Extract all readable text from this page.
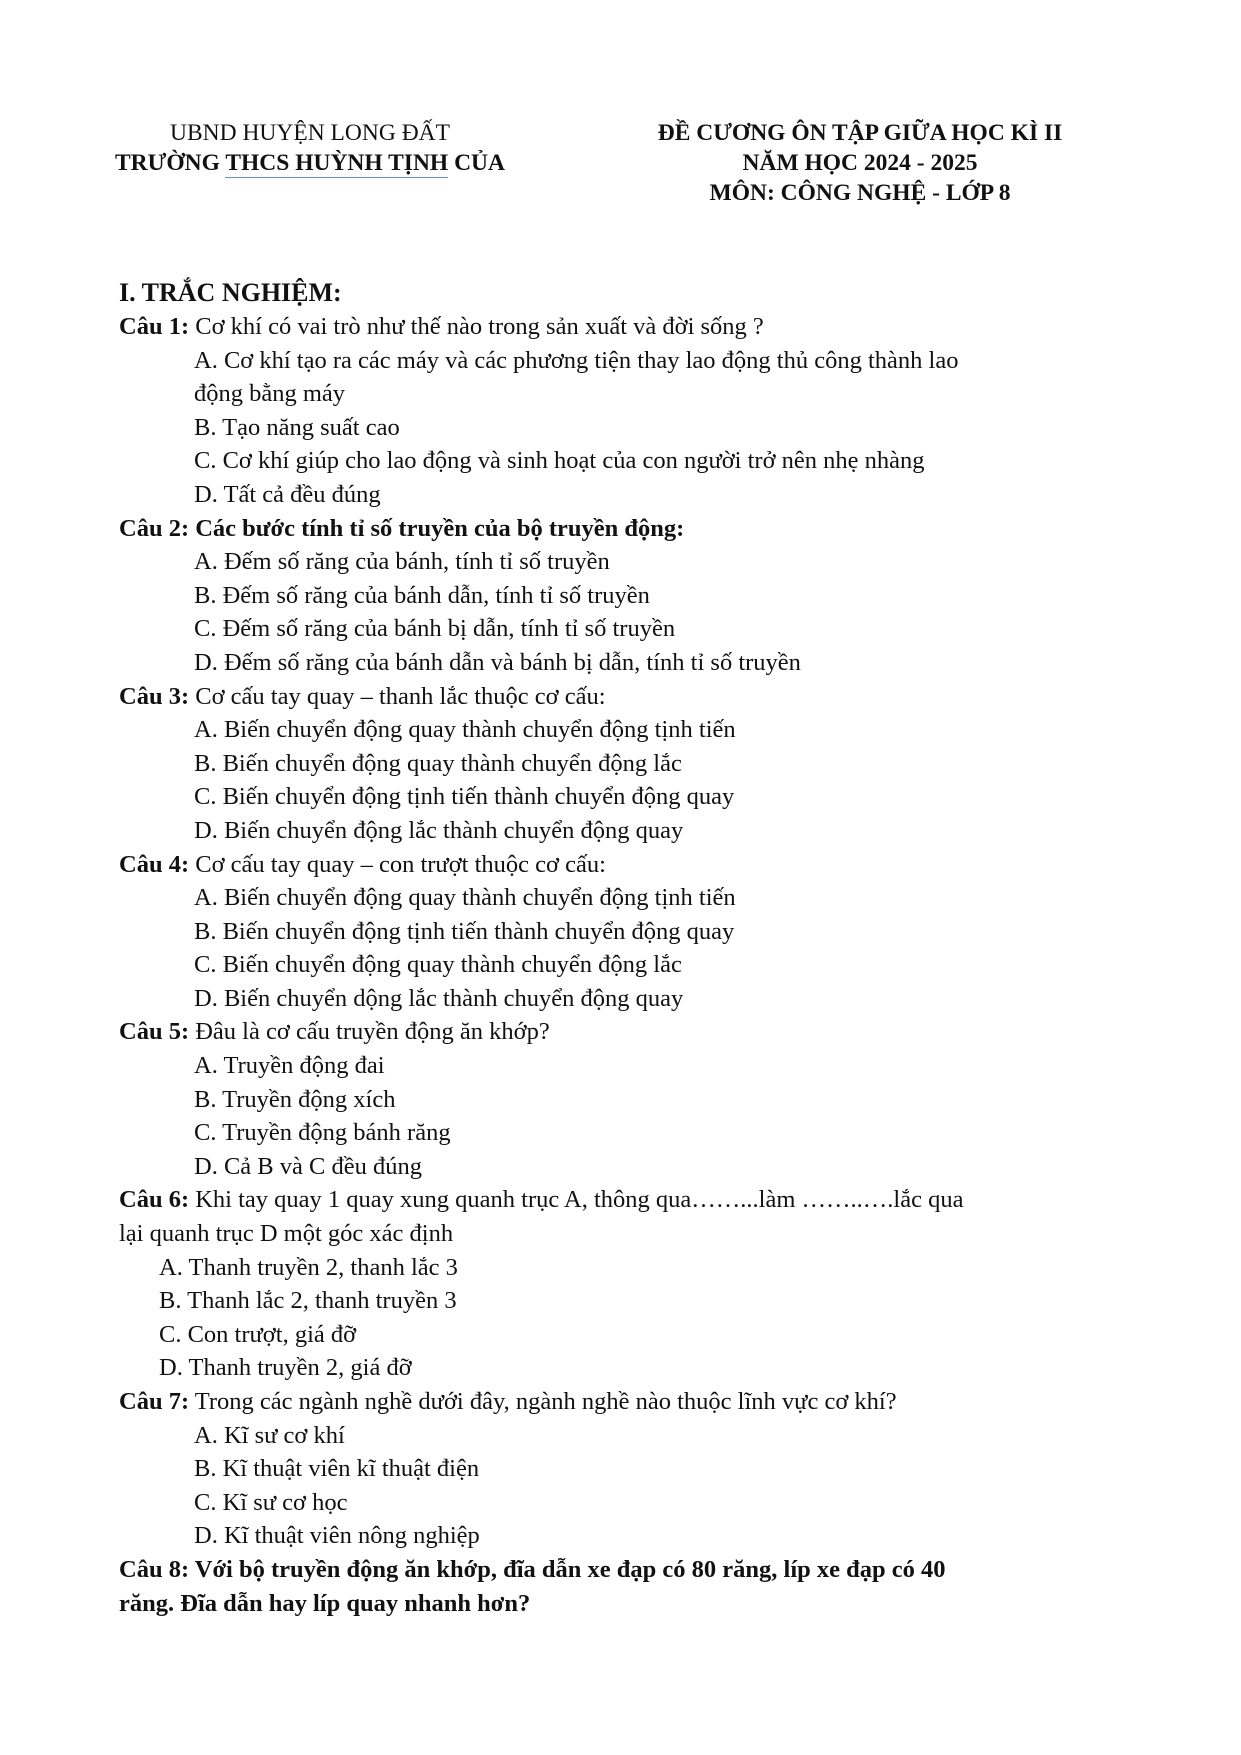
UBND HUYỆN LONG ĐẤT
TRƯỜNG THCS HUỲNH TỊNH CỦA
ĐỀ CƯƠNG ÔN TẬP GIỮA HỌC KÌ II
NĂM HỌC 2024 - 2025
MÔN: CÔNG NGHỆ - LỚP 8
I. TRẮC NGHIỆM:
Câu 1: Cơ khí có vai trò như thế nào trong sản xuất và đời sống ?
A. Cơ khí tạo ra các máy và các phương tiện thay lao động thủ công thành lao
động bằng máy
B. Tạo năng suất cao
C. Cơ khí giúp cho lao động và sinh hoạt của con người trở nên nhẹ nhàng
D. Tất cả đều đúng
Câu 2: Các bước tính tỉ số truyền của bộ truyền động:
A. Đếm số răng của bánh, tính tỉ số truyền
B. Đếm số răng của bánh dẫn, tính tỉ số truyền
C. Đếm số răng của bánh bị dẫn, tính tỉ số truyền
D. Đếm số răng của bánh dẫn và bánh bị dẫn, tính tỉ số truyền
Câu 3: Cơ cấu tay quay – thanh lắc thuộc cơ cấu:
A. Biến chuyển động quay thành chuyển động tịnh tiến
B. Biến chuyển động quay thành chuyển động lắc
C. Biến chuyển động tịnh tiến thành chuyển động quay
D. Biến chuyển động lắc thành chuyển động quay
Câu 4: Cơ cấu tay quay – con trượt thuộc cơ cấu:
A. Biến chuyển động quay thành chuyển động tịnh tiến
B. Biến chuyển động tịnh tiến thành chuyển động quay
C. Biến chuyển động quay thành chuyển động lắc
D. Biến chuyển dộng lắc thành chuyển động quay
Câu 5: Đâu là cơ cấu truyền động ăn khớp?
A. Truyền động đai
B. Truyền động xích
C. Truyền động bánh răng
D. Cả B và C đều đúng
Câu 6: Khi tay quay 1 quay xung quanh trục A, thông qua……...làm ……..….lắc qua
lại quanh trục D một góc xác định
A. Thanh truyền 2, thanh lắc 3
B. Thanh lắc 2, thanh truyền 3
C. Con trượt, giá đỡ
D. Thanh truyền 2, giá đỡ
Câu 7: Trong các ngành nghề dưới đây, ngành nghề nào thuộc lĩnh vực cơ khí?
A. Kĩ sư cơ khí
B. Kĩ thuật viên kĩ thuật điện
C. Kĩ sư cơ học
D. Kĩ thuật viên nông nghiệp
Câu 8: Với bộ truyền động ăn khớp, đĩa dẫn xe đạp có 80 răng, líp xe đạp có 40
răng. Đĩa dẫn hay líp quay nhanh hơn?
